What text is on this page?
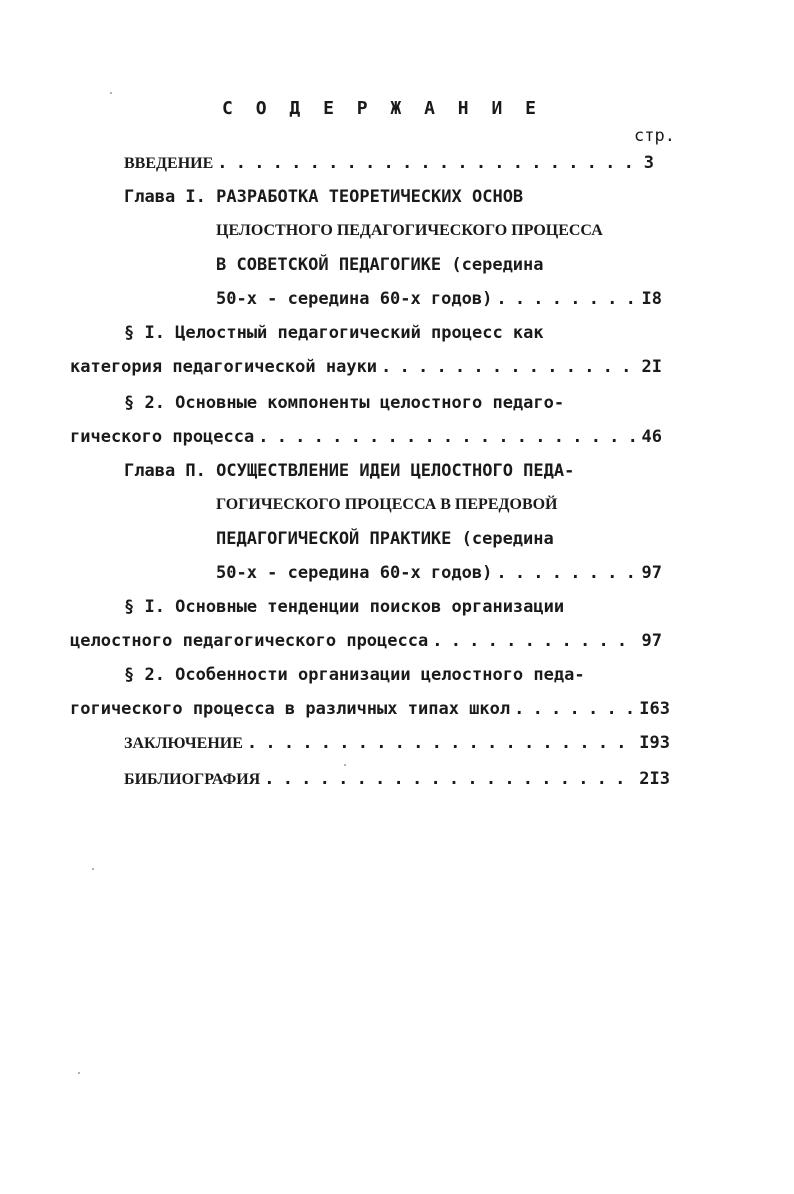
С О Д Е Р Ж А Н И Е
стр.
ВВЕДЕНИЕ . . .	3
Глава I. РАЗРАБОТКА ТЕОРЕТИЧЕСКИХ ОСНОВ
ЦЕЛОСТНОГО ПЕДАГОГИЧЕСКОГО ПРОЦЕССА
В СОВЕТСКОЙ ПЕДАГОГИКЕ (середина
50-х - середина 60-х годов) . . .	I8
§ I. Целостный педагогический процесс как
категория педагогической науки . . .	2I
§ 2. Основные компоненты целостного педаго-
гического процесса . . .	46
Глава П. ОСУЩЕСТВЛЕНИЕ ИДЕИ ЦЕЛОСТНОГО ПЕДА-
ГОГИЧЕСКОГО ПРОЦЕССА В ПЕРЕДОВОЙ
ПЕДАГОГИЧЕСКОЙ ПРАКТИКЕ (середина
50-х - середина 60-х годов) . . .	97
§ I. Основные тенденции поисков организации
целостного педагогического процесса . . .	97
§ 2. Особенности организации целостного педа-
гогического процесса в различных типах школ . . .	I63
ЗАКЛЮЧЕНИЕ . . .	I93
БИБЛИОГРАФИЯ . . .	2I3
